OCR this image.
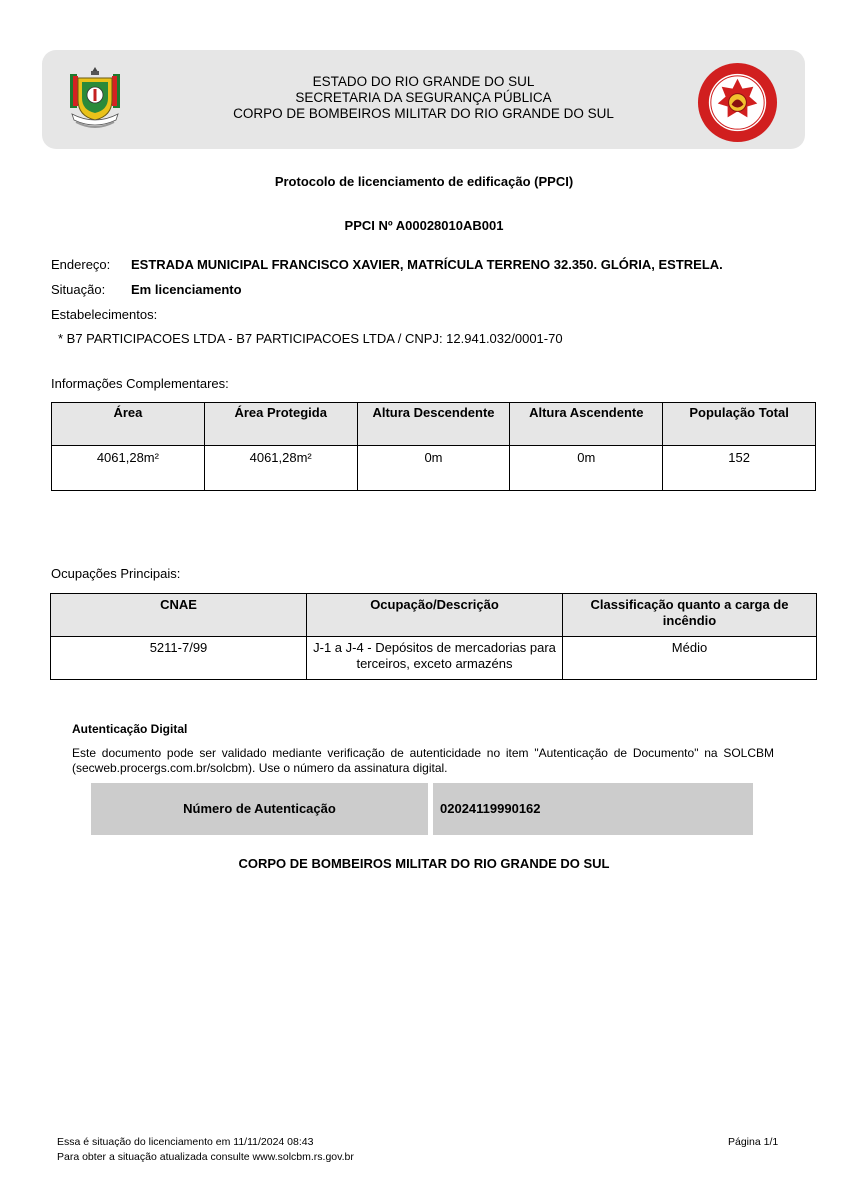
ESTADO DO RIO GRANDE DO SUL
SECRETARIA DA SEGURANÇA PÚBLICA
CORPO DE BOMBEIROS MILITAR DO RIO GRANDE DO SUL
Protocolo de licenciamento de edificação (PPCI)
PPCI Nº A00028010AB001
Endereço: ESTRADA MUNICIPAL FRANCISCO XAVIER, MATRÍCULA TERRENO 32.350. GLÓRIA, ESTRELA.
Situação: Em licenciamento
Estabelecimentos:
* B7 PARTICIPACOES LTDA - B7 PARTICIPACOES LTDA / CNPJ: 12.941.032/0001-70
Informações Complementares:
Área	Área Protegida	Altura Descendente	Altura Ascendente	População Total
4061,28m²	4061,28m²	0m	0m	152
Ocupações Principais:
CNAE	Ocupação/Descrição	Classificação quanto a carga de incêndio
5211-7/99	J-1 a J-4 - Depósitos de mercadorias para terceiros, exceto armazéns	Médio
Autenticação Digital
Este documento pode ser validado mediante verificação de autenticidade no item "Autenticação de Documento" na SOLCBM (secweb.procergs.com.br/solcbm). Use o número da assinatura digital.
Número de Autenticação	02024119990162
CORPO DE BOMBEIROS MILITAR DO RIO GRANDE DO SUL
Essa é situação do licenciamento em 11/11/2024 08:43
Para obter a situação atualizada consulte www.solcbm.rs.gov.br
Página 1/1
